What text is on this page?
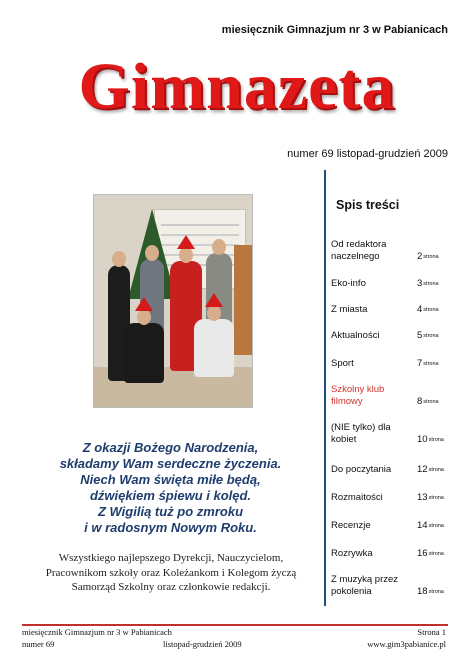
miesięcznik Gimnazjum nr 3 w Pabianicach
Gimnazeta
numer 69 listopad-grudzień 2009
Z okazji Bożego Narodzenia,
składamy Wam serdeczne życzenia.
Niech Wam święta miłe będą,
dźwiękiem śpiewu i kolęd.
Z Wigilią tuż po zmroku
i w radosnym Nowym Roku.
Wszystkiego najlepszego Dyrekcji, Nauczycielom,
Pracownikom szkoły oraz Koleżankom i Kolegom życzą
Samorząd Szkolny oraz członkowie redakcji.
Spis treści
Od redaktora naczelnego	2 strona
Eko-info	3 strona
Z miasta	4 strona
Aktualności	5 strona
Sport	7 strona
Szkolny klub filmowy	8 strona
(NIE tylko) dla kobiet	10 strona
Do poczytania	12 strona
Rozmaitości	13 strona
Recenzje	14 strona
Rozrywka	16 strona
Z muzyką przez pokolenia	18 strona
miesięcznik Gimnazjum nr 3 w Pabianicach
numer 69	listopad-grudzień 2009
Strona 1
www.gim3pabianice.pl
